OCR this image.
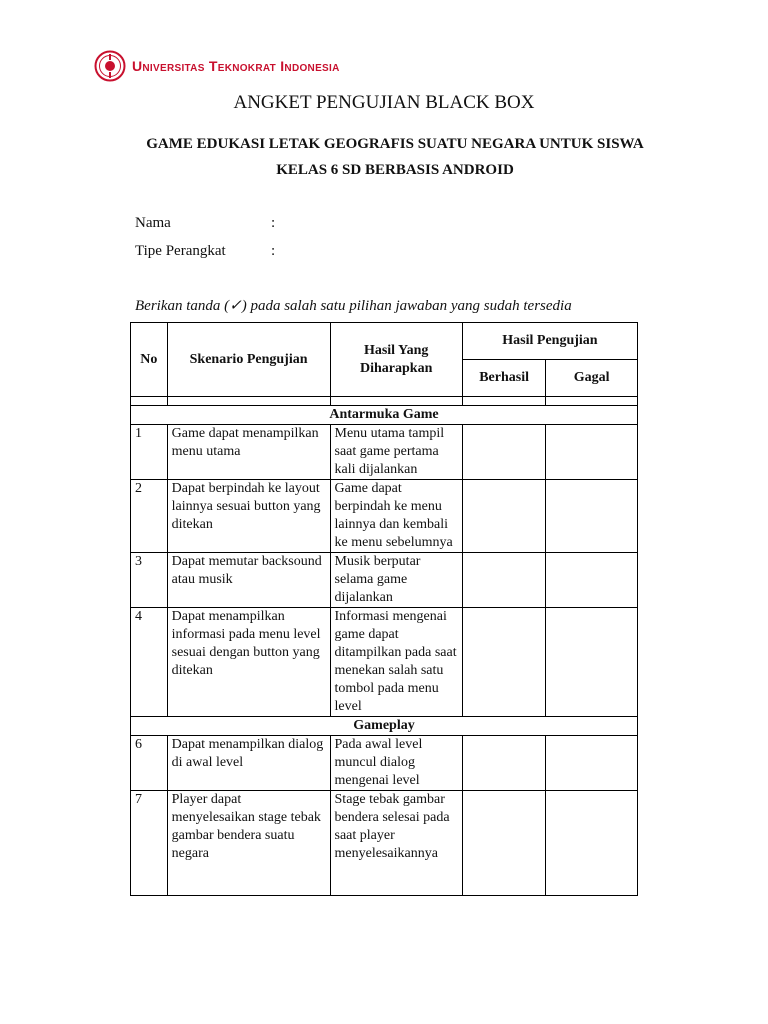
Universitas Teknokrat Indonesia
ANGKET PENGUJIAN BLACK BOX
GAME EDUKASI LETAK GEOGRAFIS SUATU NEGARA UNTUK SISWA
KELAS 6 SD BERBASIS ANDROID
Nama	:
Tipe Perangkat	:
Berikan tanda (✓) pada salah satu pilihan jawaban yang sudah tersedia
No	Skenario Pengujian	Hasil Yang Diharapkan	Hasil Pengujian	
			Berhasil	Gagal

Antarmuka Game				
1	Game dapat menampilkan menu utama	Menu utama tampil saat game pertama kali dijalankan		
2	Dapat berpindah ke layout lainnya sesuai button yang ditekan	Game dapat berpindah ke menu lainnya dan kembali ke menu sebelumnya		
3	Dapat memutar backsound atau musik	Musik berputar selama game dijalankan		
4	Dapat menampilkan informasi pada menu level sesuai dengan button yang ditekan	Informasi mengenai game dapat ditampilkan pada saat menekan salah satu tombol pada menu level		
Gameplay				
6	Dapat menampilkan dialog di awal level	Pada awal level muncul dialog mengenai level		
7	Player dapat menyelesaikan stage tebak gambar bendera suatu negara	Stage tebak gambar bendera selesai pada saat player menyelesaikannya		
